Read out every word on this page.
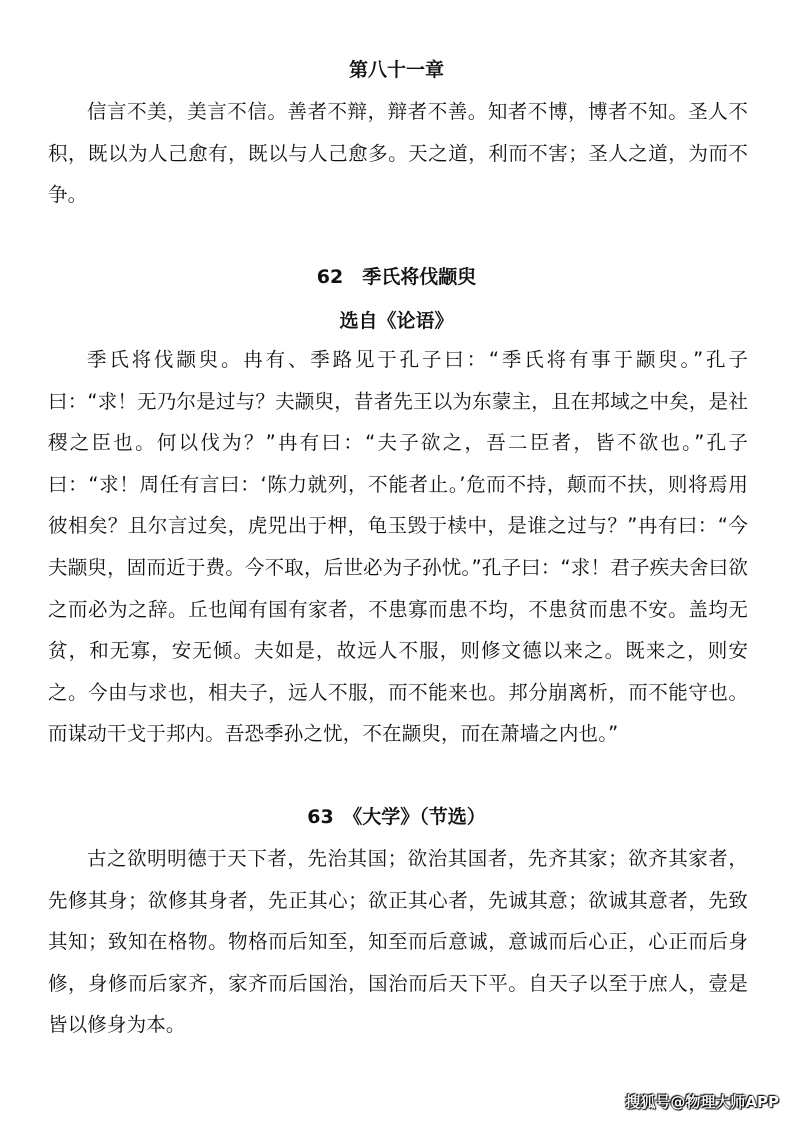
第八十一章

信言不美，美言不信。善者不辩，辩者不善。知者不博，博者不知。圣人不积，既以为人己愈有，既以与人己愈多。天之道，利而不害；圣人之道，为而不争。

62　季氏将伐颛臾
选自《论语》

季氏将伐颛臾。冉有、季路见于孔子曰：“季氏将有事于颛臾。”孔子曰：“求！无乃尔是过与？夫颛臾，昔者先王以为东蒙主，且在邦域之中矣，是社稷之臣也。何以伐为？”冉有曰：“夫子欲之，吾二臣者，皆不欲也。”孔子曰：“求！周任有言曰：‘陈力就列，不能者止。’危而不持，颠而不扶，则将焉用彼相矣？且尔言过矣，虎兕出于柙，龟玉毁于椟中，是谁之过与？”冉有曰：“今夫颛臾，固而近于费。今不取，后世必为子孙忧。”孔子曰：“求！君子疾夫舍曰欲之而必为之辞。丘也闻有国有家者，不患寡而患不均，不患贫而患不安。盖均无贫，和无寡，安无倾。夫如是，故远人不服，则修文德以来之。既来之，则安之。今由与求也，相夫子，远人不服，而不能来也。邦分崩离析，而不能守也。而谋动干戈于邦内。吾恐季孙之忧，不在颛臾，而在萧墙之内也。”

63　《大学》（节选）

古之欲明明德于天下者，先治其国；欲治其国者，先齐其家；欲齐其家者，先修其身；欲修其身者，先正其心；欲正其心者，先诚其意；欲诚其意者，先致其知；致知在格物。物格而后知至，知至而后意诚，意诚而后心正，心正而后身修，身修而后家齐，家齐而后国治，国治而后天下平。自天子以至于庶人，壹是皆以修身为本。

搜狐号@物理大师APP
